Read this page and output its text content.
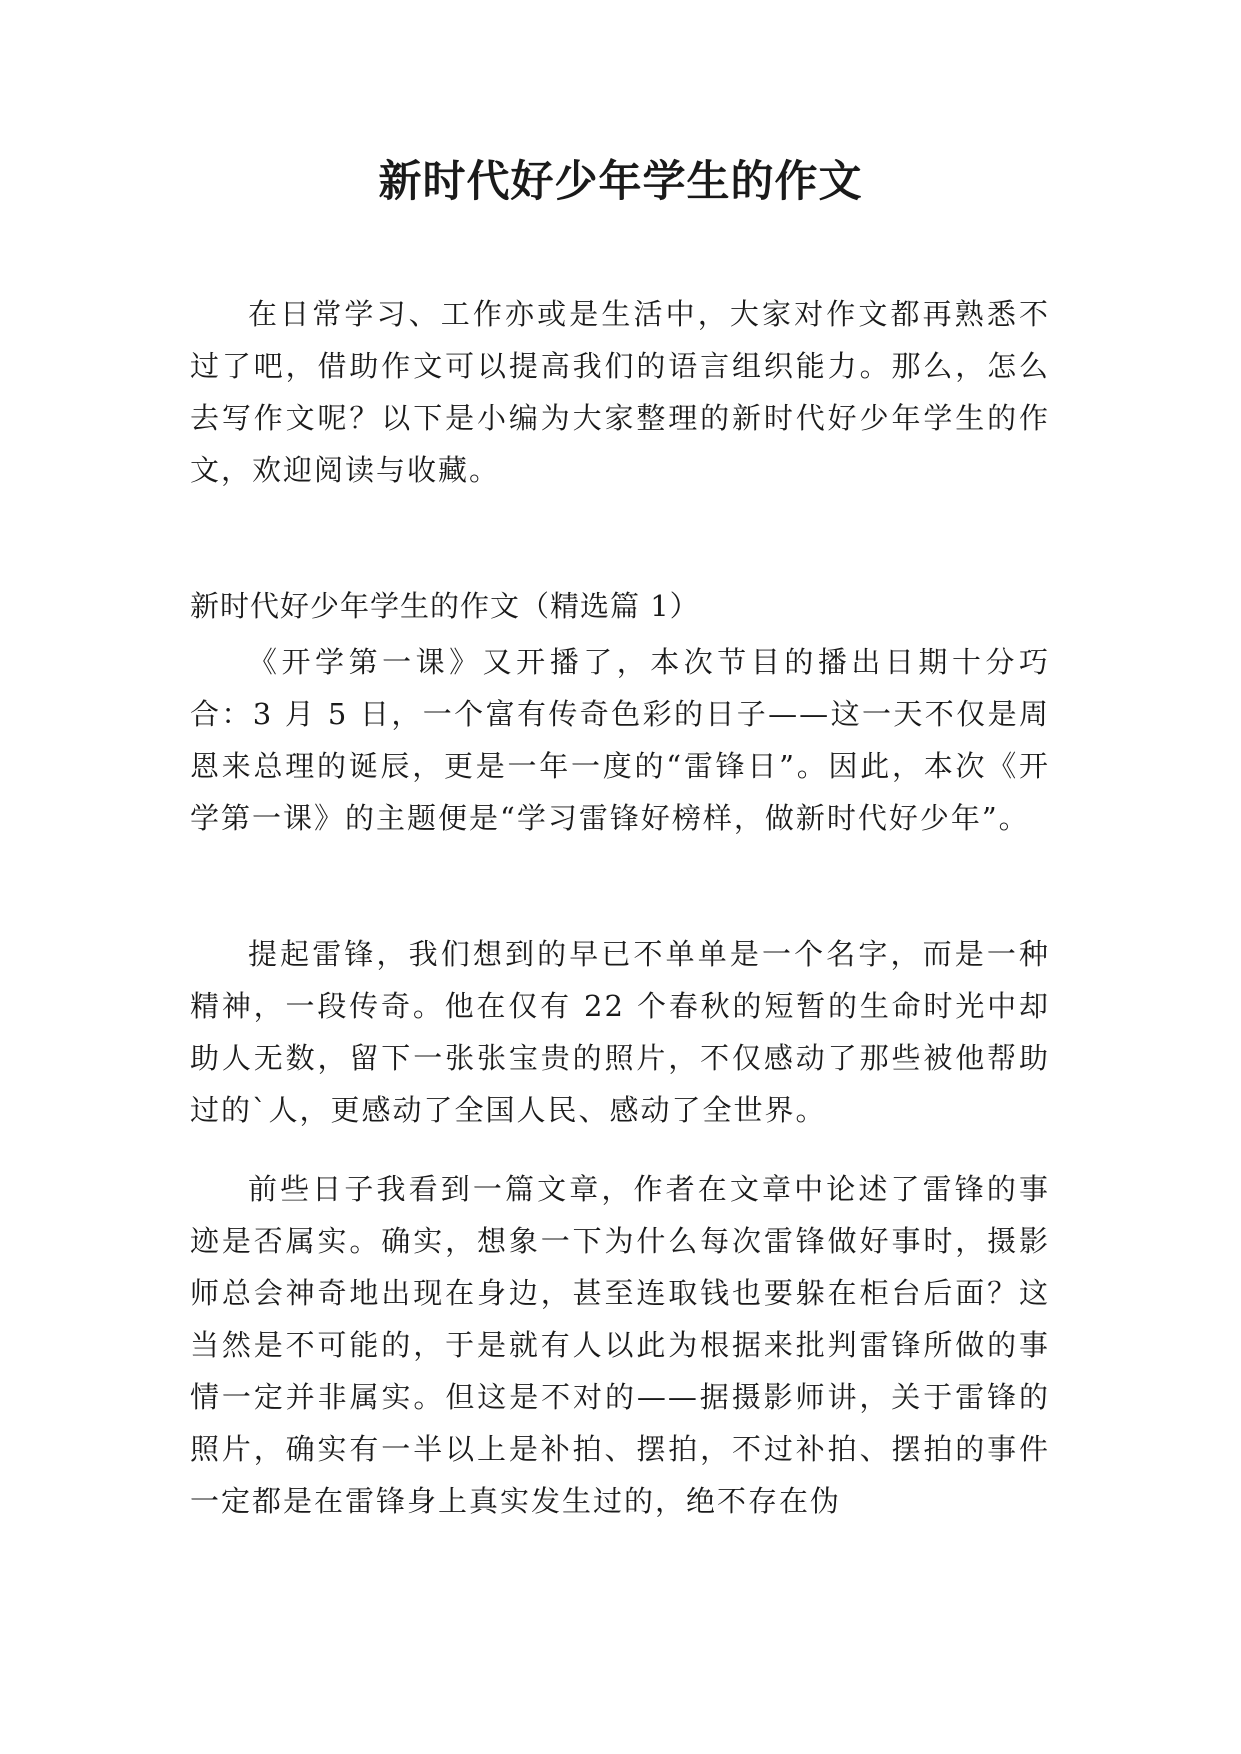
新时代好少年学生的作文

在日常学习、工作亦或是生活中，大家对作文都再熟悉不过了吧，借助作文可以提高我们的语言组织能力。那么，怎么去写作文呢？以下是小编为大家整理的新时代好少年学生的作文，欢迎阅读与收藏。

新时代好少年学生的作文（精选篇 1）

《开学第一课》又开播了，本次节目的播出日期十分巧合：3 月 5 日，一个富有传奇色彩的日子——这一天不仅是周恩来总理的诞辰，更是一年一度的“雷锋日”。因此，本次《开学第一课》的主题便是“学习雷锋好榜样，做新时代好少年”。

提起雷锋，我们想到的早已不单单是一个名字，而是一种精神，一段传奇。他在仅有 22 个春秋的短暂的生命时光中却助人无数，留下一张张宝贵的照片，不仅感动了那些被他帮助过的`人，更感动了全国人民、感动了全世界。

前些日子我看到一篇文章，作者在文章中论述了雷锋的事迹是否属实。确实，想象一下为什么每次雷锋做好事时，摄影师总会神奇地出现在身边，甚至连取钱也要躲在柜台后面？这当然是不可能的，于是就有人以此为根据来批判雷锋所做的事情一定并非属实。但这是不对的——据摄影师讲，关于雷锋的照片，确实有一半以上是补拍、摆拍，不过补拍、摆拍的事件一定都是在雷锋身上真实发生过的，绝不存在伪
